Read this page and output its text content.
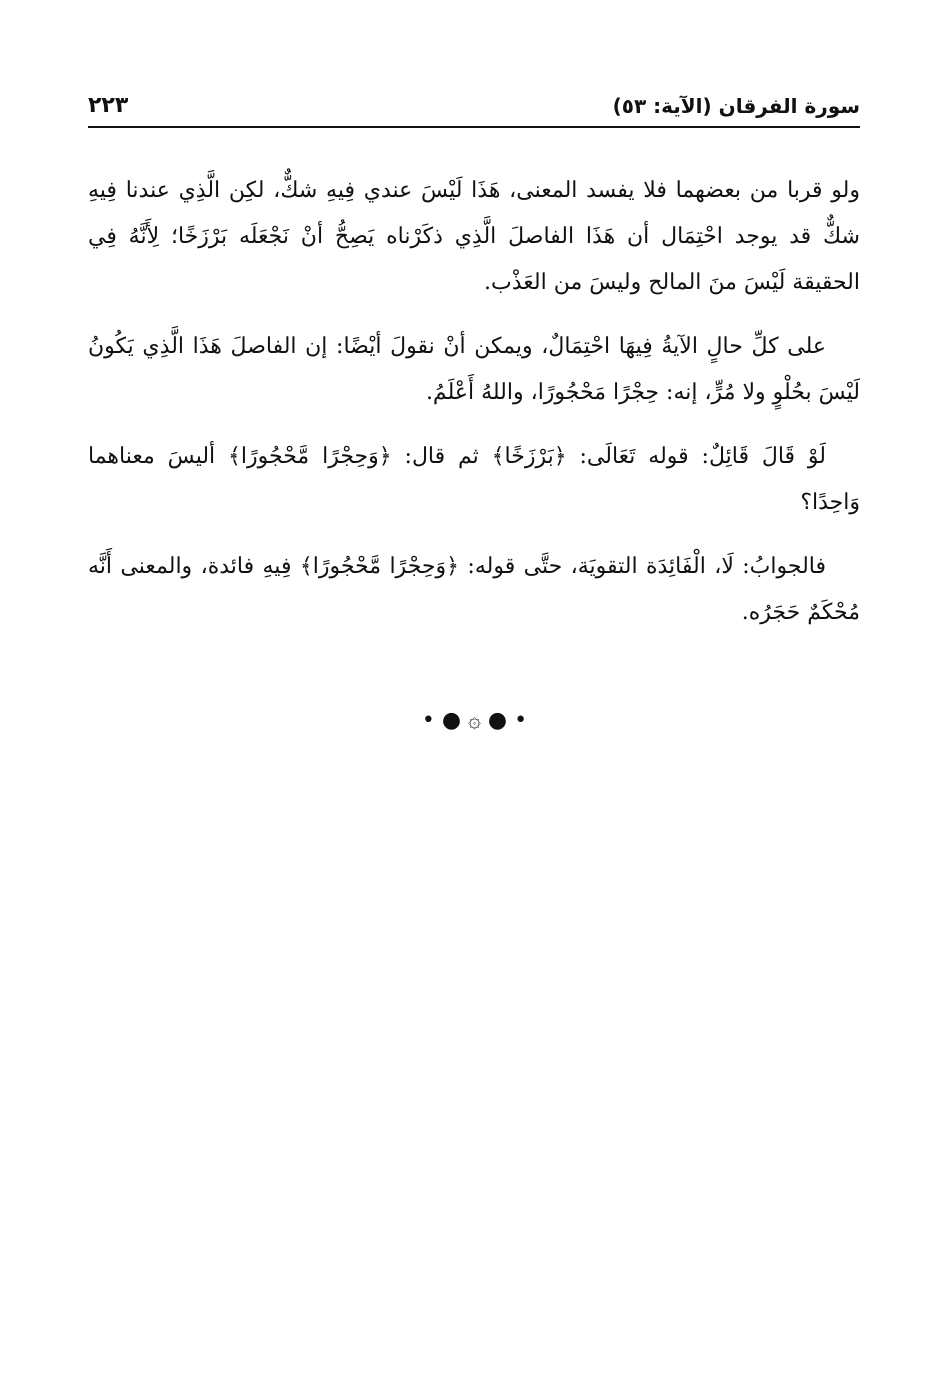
سورة الفرقان (الآية: ٥٣)
٢٢٣

ولو قربا من بعضهما فلا يفسد المعنى، هَذَا لَيْسَ عندي فِيهِ شكٌّ، لكِن الَّذِي عندنا فِيهِ شكٌّ قد يوجد احْتِمَال أن هَذَا الفاصلَ الَّذِي ذكَرْناه يَصِحُّ أنْ نَجْعَلَه بَرْزَخًا؛ لِأَنَّهُ فِي الحقيقة لَيْسَ منَ المالح وليسَ من العَذْب.

على كلِّ حالٍ الآيةُ فِيهَا احْتِمَالٌ، ويمكن أنْ نقولَ أيْضًا: إن الفاصلَ هَذَا الَّذِي يَكُونُ لَيْسَ بحُلْوٍ ولا مُرٍّ، إنه: حِجْرًا مَحْجُورًا، واللهُ أَعْلَمُ.

لَوْ قَالَ قَائِلٌ: قوله تَعَالَى: ﴿بَرْزَخًا﴾ ثم قال: ﴿وَحِجْرًا مَّحْجُورًا﴾ أليسَ معناهما وَاحِدًا؟

فالجوابُ: لَا، الْفَائِدَة التقويَة، حتَّى قوله: ﴿وَحِجْرًا مَّحْجُورًا﴾ فِيهِ فائدة، والمعنى أَنَّه مُحْكَمٌ حَجَرُه.

• ● ۞ ● •
